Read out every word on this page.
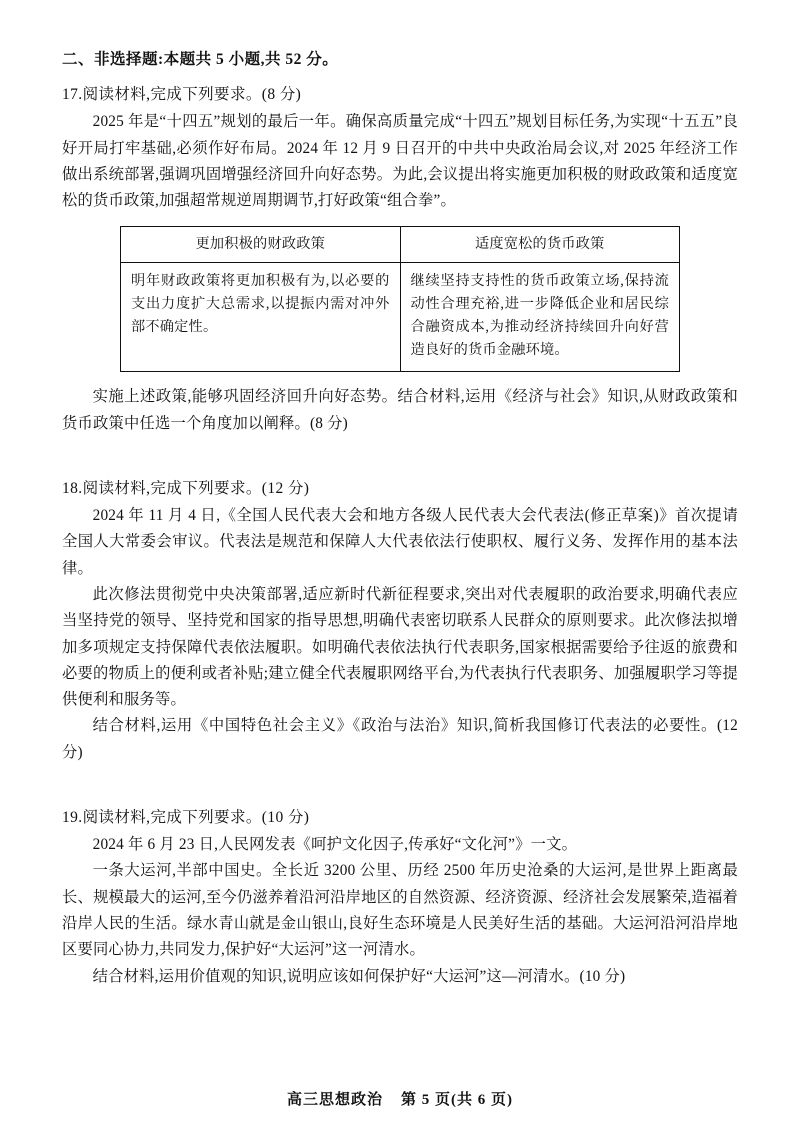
二、非选择题:本题共 5 小题,共 52 分。
17.阅读材料,完成下列要求。(8 分)

2025 年是“十四五”规划的最后一年。确保高质量完成“十四五”规划目标任务,为实现“十五五”良好开局打牢基础,必须作好布局。2024 年 12 月 9 日召开的中共中央政治局会议,对 2025 年经济工作做出系统部署,强调巩固增强经济回升向好态势。为此,会议提出将实施更加积极的财政政策和适度宽松的货币政策,加强超常规逆周期调节,打好政策“组合拳”。

更加积极的财政政策	适度宽松的货币政策
明年财政政策将更加积极有为,以必要的支出力度扩大总需求,以提振内需对冲外部不确定性。	继续坚持支持性的货币政策立场,保持流动性合理充裕,进一步降低企业和居民综合融资成本,为推动经济持续回升向好营造良好的货币金融环境。

实施上述政策,能够巩固经济回升向好态势。结合材料,运用《经济与社会》知识,从财政政策和货币政策中任选一个角度加以阐释。(8 分)

18.阅读材料,完成下列要求。(12 分)

2024 年 11 月 4 日,《全国人民代表大会和地方各级人民代表大会代表法(修正草案)》首次提请全国人大常委会审议。代表法是规范和保障人大代表依法行使职权、履行义务、发挥作用的基本法律。

此次修法贯彻党中央决策部署,适应新时代新征程要求,突出对代表履职的政治要求,明确代表应当坚持党的领导、坚持党和国家的指导思想,明确代表密切联系人民群众的原则要求。此次修法拟增加多项规定支持保障代表依法履职。如明确代表依法执行代表职务,国家根据需要给予往返的旅费和必要的物质上的便利或者补贴;建立健全代表履职网络平台,为代表执行代表职务、加强履职学习等提供便利和服务等。

结合材料,运用《中国特色社会主义》《政治与法治》知识,简析我国修订代表法的必要性。(12 分)

19.阅读材料,完成下列要求。(10 分)

2024 年 6 月 23 日,人民网发表《呵护文化因子,传承好“文化河”》一文。

一条大运河,半部中国史。全长近 3200 公里、历经 2500 年历史沧桑的大运河,是世界上距离最长、规模最大的运河,至今仍滋养着沿河沿岸地区的自然资源、经济资源、经济社会发展繁荣,造福着沿岸人民的生活。绿水青山就是金山银山,良好生态环境是人民美好生活的基础。大运河沿河沿岸地区要同心协力,共同发力,保护好“大运河”这一河清水。

结合材料,运用价值观的知识,说明应该如何保护好“大运河”这—河清水。(10 分)

高三思想政治 第 5 页(共 6 页)
